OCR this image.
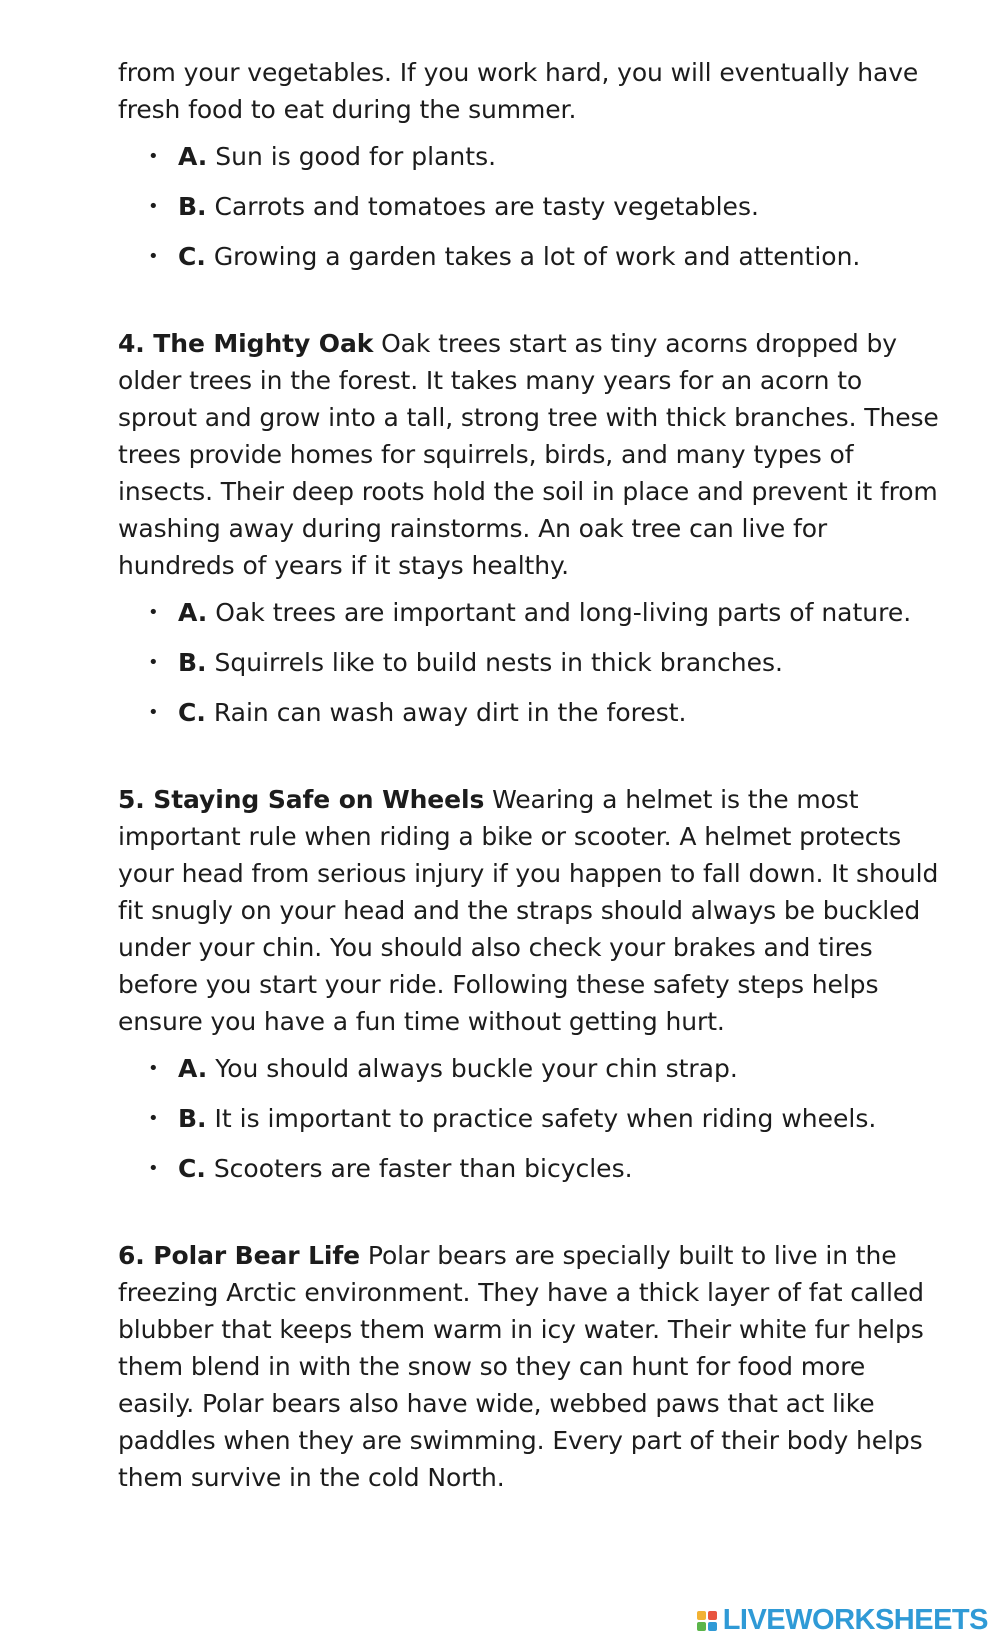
from your vegetables. If you work hard, you will eventually have fresh food to eat during the summer.

• A. Sun is good for plants.
• B. Carrots and tomatoes are tasty vegetables.
• C. Growing a garden takes a lot of work and attention.

4. The Mighty Oak Oak trees start as tiny acorns dropped by older trees in the forest. It takes many years for an acorn to sprout and grow into a tall, strong tree with thick branches. These trees provide homes for squirrels, birds, and many types of insects. Their deep roots hold the soil in place and prevent it from washing away during rainstorms. An oak tree can live for hundreds of years if it stays healthy.

• A. Oak trees are important and long-living parts of nature.
• B. Squirrels like to build nests in thick branches.
• C. Rain can wash away dirt in the forest.

5. Staying Safe on Wheels Wearing a helmet is the most important rule when riding a bike or scooter. A helmet protects your head from serious injury if you happen to fall down. It should fit snugly on your head and the straps should always be buckled under your chin. You should also check your brakes and tires before you start your ride. Following these safety steps helps ensure you have a fun time without getting hurt.

• A. You should always buckle your chin strap.
• B. It is important to practice safety when riding wheels.
• C. Scooters are faster than bicycles.

6. Polar Bear Life Polar bears are specially built to live in the freezing Arctic environment. They have a thick layer of fat called blubber that keeps them warm in icy water. Their white fur helps them blend in with the snow so they can hunt for food more easily. Polar bears also have wide, webbed paws that act like paddles when they are swimming. Every part of their body helps them survive in the cold North.

LIVEWORKSHEETS
